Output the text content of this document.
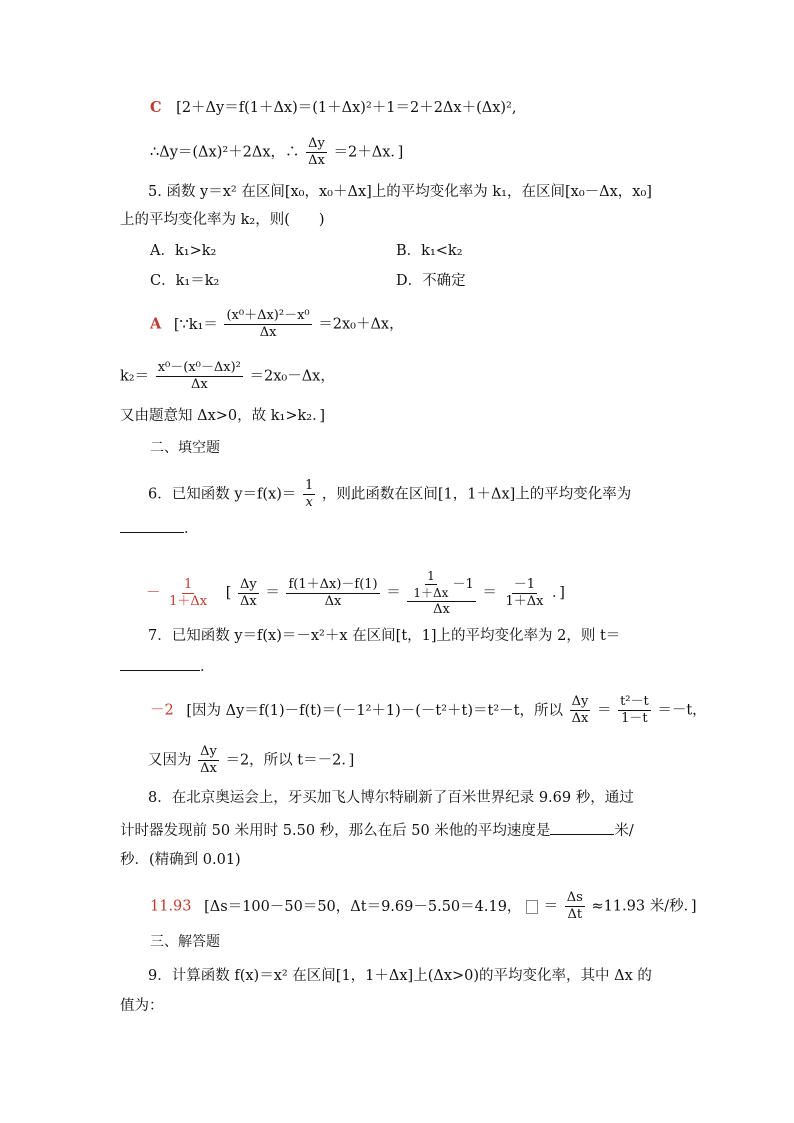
C [2＋Δy＝f(1＋Δx)＝(1＋Δx)²＋1＝2＋2Δx＋(Δx)²,
∴Δy＝(Δx)²＋2Δx，∴ $\frac{\Delta y}{\Delta x} =2+\Delta x$．]
5. 函数 y＝x² 在区间[x₀，x₀＋Δx]上的平均变化率为 k₁，在区间[x₀－Δx，x₀]
上的平均变化率为 k₂，则(　　)
A．k₁>k₂	B．k₁<k₂
C．k₁＝k₂	D．不确定
A [∵k₁＝ $\frac{\text{(x⁰＋Δx)²－x⁰}}{\Delta x} =2x_0+\Delta x$，
$k_2= \frac{\text{x⁰－(x⁰－Δx)²}}{\Delta x} =2x_0-\Delta x$，
又由题意知 Δx>0，故 k₁>k₂．]
二、填空题
6．已知函数 $y=f(x)= \frac{1}{x}$ ，则此函数在区间[1，1＋Δx]上的平均变化率为
．
－ $\frac{1}{1+\Delta x}$ [ $\frac{\Delta y}{\Delta x} = \frac{f(1+\Delta x)-f(1)}{\Delta x} = \frac{\frac{1}{1+\Delta x} -1}{\Delta x} = \frac{-1}{1+\Delta x}$ ．]
7．已知函数 y＝f(x)＝－x²＋x 在区间[t，1]上的平均变化率为 2，则 t＝
．
－2 [因为 Δy＝f(1)－f(t)＝(－1²＋1)－(－t²＋t)＝t²－t，所以 $\frac{\Delta y}{\Delta x} = \frac{\text{t²－t}}{1-t} =-t$，
又因为 $\frac{\Delta y}{\Delta x} =2$，所以 t＝－2．]
8．在北京奥运会上，牙买加飞人博尔特刷新了百米世界纪录 9.69 秒，通过
计时器发现前 50 米用时 5.50 秒，那么在后 50 米他的平均速度是	米/
秒．(精确到 0.01)
11.93 [Δs＝100－50＝50，Δt＝9.69－5.50＝4.19， ＝ $\frac{\Delta s}{\Delta t} \approx 11.93$ 米/秒．]
三、解答题
9．计算函数 f(x)＝x² 在区间[1，1＋Δx]上(Δx>0)的平均变化率，其中 Δx 的
值为：
